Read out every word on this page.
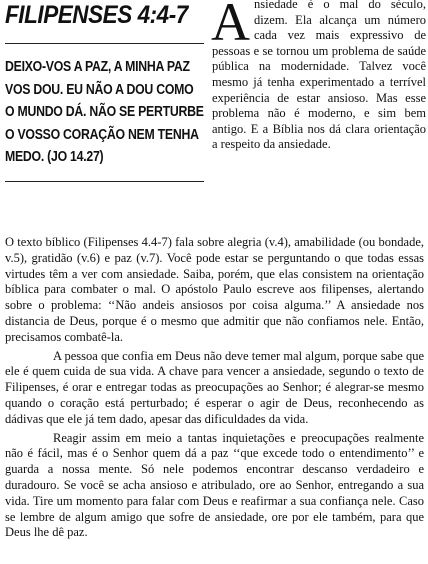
FILIPENSES 4:4-7

DEIXO-VOS A PAZ, A MINHA PAZ VOS DOU. EU NÃO A DOU COMO O MUNDO DÁ. NÃO SE PERTURBE O VOSSO CORAÇÃO NEM TENHA MEDO. (JO 14.27)

Ansiedade é o mal do século, dizem. Ela alcança um número cada vez mais expressivo de pessoas e se tornou um problema de saúde pública na modernidade. Talvez você mesmo já tenha experimentado a terrível experiência de estar ansioso. Mas esse problema não é moderno, e sim bem antigo. E a Bíblia nos dá clara orientação a respeito da ansiedade.

O texto bíblico (Filipenses 4.4-7) fala sobre alegria (v.4), amabilidade (ou bondade, v.5), gratidão (v.6) e paz (v.7). Você pode estar se perguntando o que todas essas virtudes têm a ver com ansiedade. Saiba, porém, que elas consistem na orientação bíblica para combater o mal. O apóstolo Paulo escreve aos filipenses, alertando sobre o problema: ‘‘Não andeis ansiosos por coisa alguma.’’ A ansiedade nos distancia de Deus, porque é o mesmo que admitir que não confiamos nele. Então, precisamos combatê-la.

A pessoa que confia em Deus não deve temer mal algum, porque sabe que ele é quem cuida de sua vida. A chave para vencer a ansiedade, segundo o texto de Filipenses, é orar e entregar todas as preocupações ao Senhor; é alegrar-se mesmo quando o coração está perturbado; é esperar o agir de Deus, reconhecendo as dádivas que ele já tem dado, apesar das dificuldades da vida.

Reagir assim em meio a tantas inquietações e preocupações realmente não é fácil, mas é o Senhor quem dá a paz ‘‘que excede todo o entendimento’’ e guarda a nossa mente. Só nele podemos encontrar descanso verdadeiro e duradouro. Se você se acha ansioso e atribulado, ore ao Senhor, entregando a sua vida. Tire um momento para falar com Deus e reafirmar a sua confiança nele. Caso se lembre de algum amigo que sofre de ansiedade, ore por ele também, para que Deus lhe dê paz.
